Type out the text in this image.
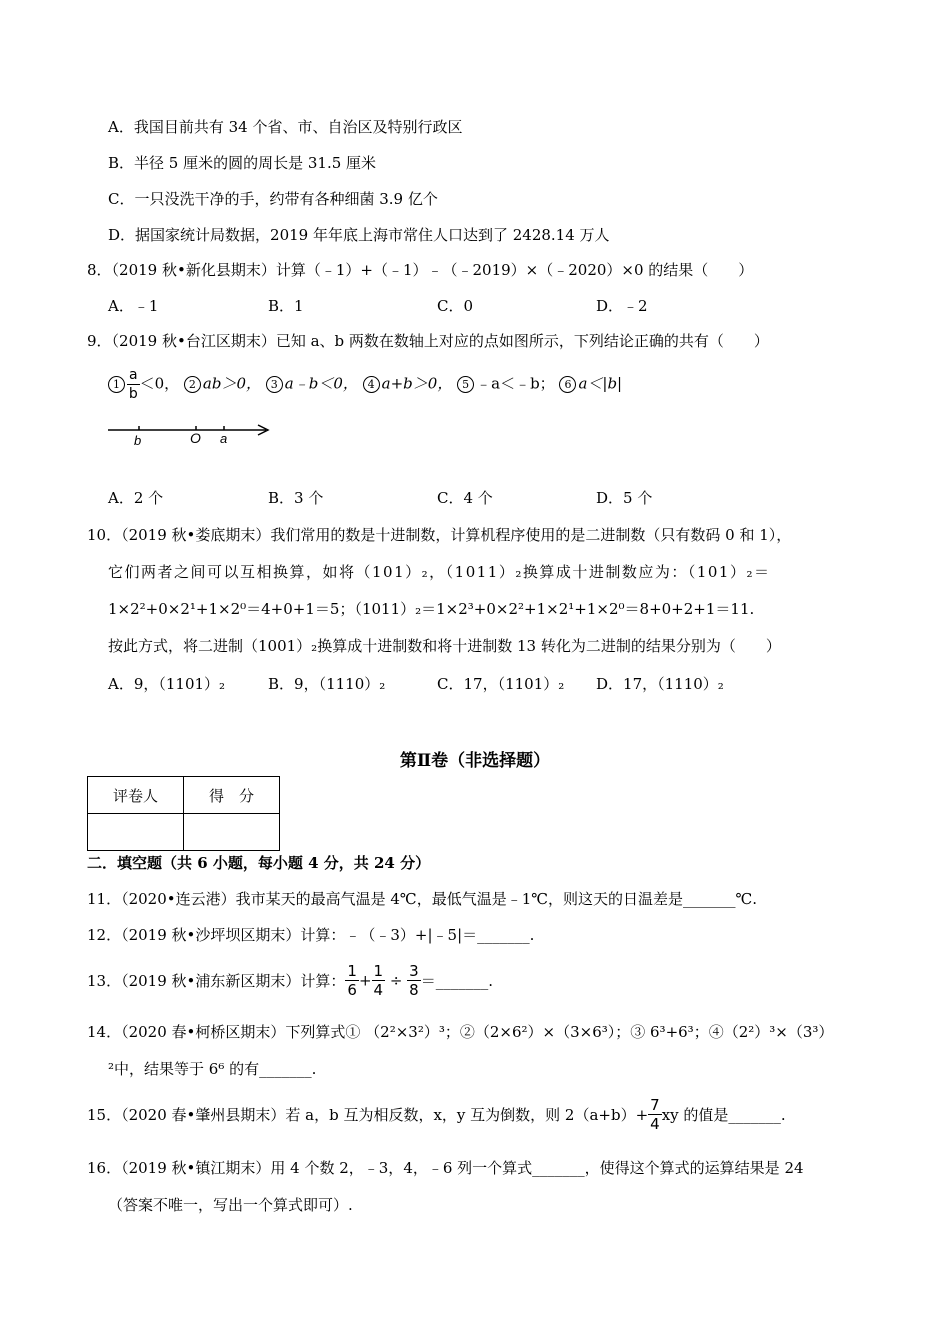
A．我国目前共有 34 个省、市、自治区及特别行政区
B．半径 5 厘米的圆的周长是 31.5 厘米
C．一只没洗干净的手，约带有各种细菌 3.9 亿个
D．据国家统计局数据，2019 年年底上海市常住人口达到了 2428.14 万人
8．（2019 秋•新化县期末）计算（﹣1）+（﹣1）﹣（﹣2019）×（﹣2020）×0 的结果（　　）
A．﹣1	B．1	C．0	D．﹣2
9．（2019 秋•台江区期末）已知 a、b 两数在数轴上对应的点如图所示，下列结论正确的共有（　　）
$1 \frac{a}{b} <0$， 2 ab＞0， 3 a﹣b＜0， 4 a+b＞0， 5 ﹣a＜﹣b； 6 a＜|b|
b	O a
A．2 个	B．3 个	C．4 个	D．5 个
10．（2019 秋•娄底期末）我们常用的数是十进制数，计算机程序使用的是二进制数（只有数码 0 和 1），
它们两者之间可以互相换算，如将（101）₂，（1011）₂换算成十进制数应为：（101）₂＝
1×2²+0×2¹+1×2⁰＝4+0+1＝5；（1011）₂＝1×2³+0×2²+1×2¹+1×2⁰＝8+0+2+1＝11.
按此方式，将二进制（1001）₂换算成十进制数和将十进制数 13 转化为二进制的结果分别为（　　）
A．9，（1101）₂	B．9，（1110）₂	C．17，（1101）₂ D．17，（1110）₂
第Ⅱ卷（非选择题）
评卷人	得　分

二．填空题（共 6 小题，每小题 4 分，共 24 分）
11．（2020•连云港）我市某天的最高气温是 4℃，最低气温是﹣1℃，则这天的日温差是_______℃.
12．（2019 秋•沙坪坝区期末）计算：﹣（﹣3）+|﹣5|＝_______.
13．（2019 秋•浦东新区期末）计算： $\frac{1}{6} + \frac{1}{4} \div \frac{3}{8}$ ＝_______.
14．（2020 春•柯桥区期末）下列算式① （2²×3²）³；②（2×6²）×（3×6³）；③ 6³+6³；④（2²）³×（3³）
²中，结果等于 6⁶ 的有_______.
15．（2020 春•肇州县期末）若 a，b 互为相反数，x，y 互为倒数，则 $2(a+b)+ \frac{7}{4}$ xy 的值是_______.
16．（2019 秋•镇江期末）用 4 个数 2，﹣3，4，﹣6 列一个算式_______，使得这个算式的运算结果是 24
（答案不唯一，写出一个算式即可）.
